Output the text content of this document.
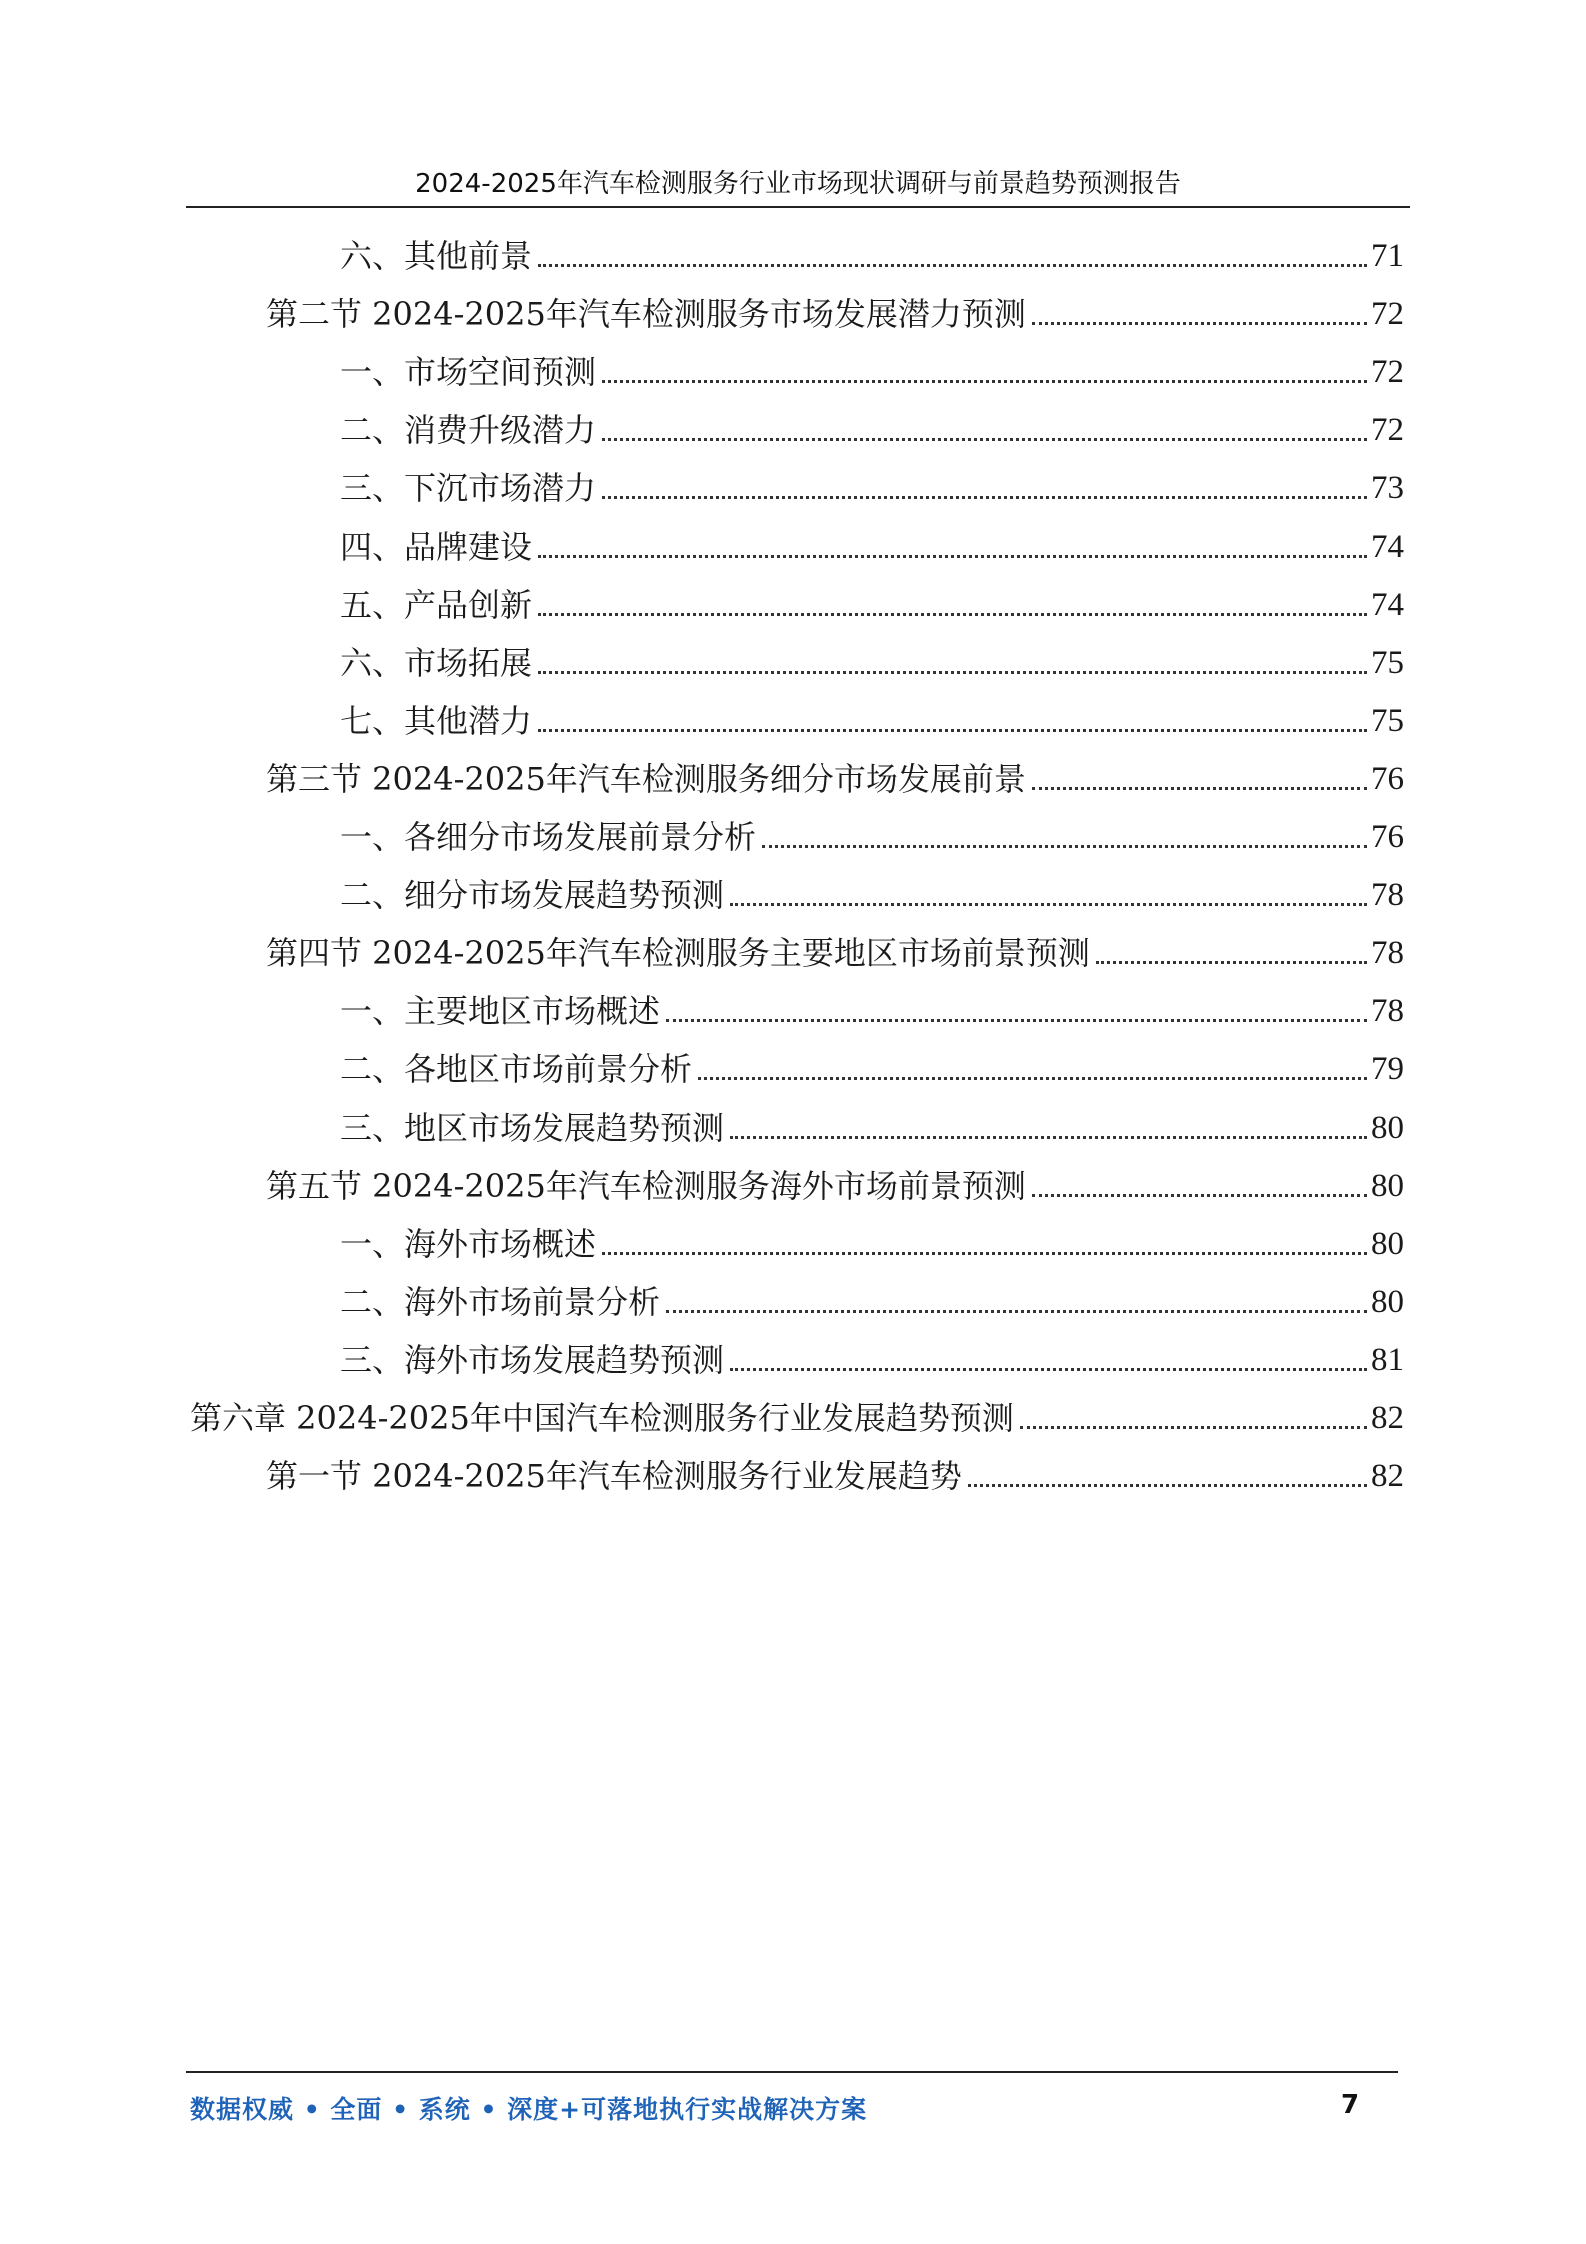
2024-2025年汽车检测服务行业市场现状调研与前景趋势预测报告
六、其他前景	71
第二节 2024-2025年汽车检测服务市场发展潜力预测	72
一、市场空间预测	72
二、消费升级潜力	72
三、下沉市场潜力	73
四、品牌建设	74
五、产品创新	74
六、市场拓展	75
七、其他潜力	75
第三节 2024-2025年汽车检测服务细分市场发展前景	76
一、各细分市场发展前景分析	76
二、细分市场发展趋势预测	78
第四节 2024-2025年汽车检测服务主要地区市场前景预测	78
一、主要地区市场概述	78
二、各地区市场前景分析	79
三、地区市场发展趋势预测	80
第五节 2024-2025年汽车检测服务海外市场前景预测	80
一、海外市场概述	80
二、海外市场前景分析	80
三、海外市场发展趋势预测	81
第六章 2024-2025年中国汽车检测服务行业发展趋势预测	82
第一节 2024-2025年汽车检测服务行业发展趋势	82
数据权威 • 全面 • 系统 • 深度+可落地执行实战解决方案	7
